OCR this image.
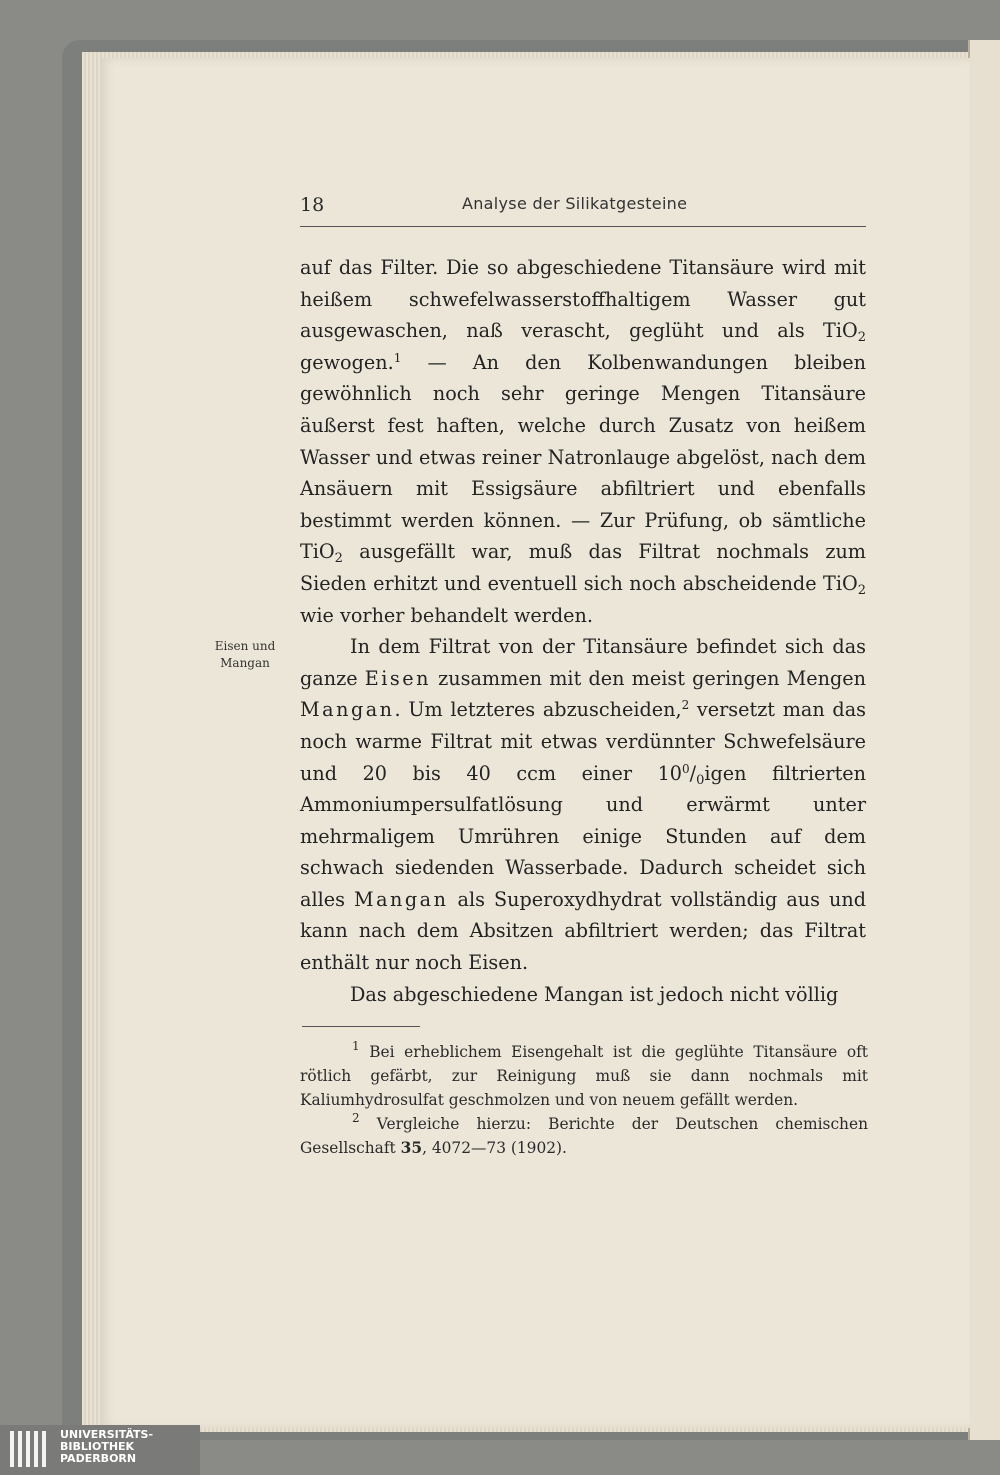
18	Analyse der Silikatgesteine
Eisen und
Mangan

auf das Filter. Die so abgeschiedene Titansäure wird mit heißem schwefelwasserstoffhaltigem Wasser gut ausgewaschen, naß verascht, geglüht und als TiO$_2$ gewogen.$^1$ — An den Kolbenwandungen bleiben gewöhnlich noch sehr geringe Mengen Titansäure äußerst fest haften, welche durch Zusatz von heißem Wasser und etwas reiner Natronlauge abgelöst, nach dem Ansäuern mit Essigsäure abfiltriert und ebenfalls bestimmt werden können. — Zur Prüfung, ob sämtliche TiO$_2$ ausgefällt war, muß das Filtrat nochmals zum Sieden erhitzt und eventuell sich noch abscheidende TiO$_2$ wie vorher behandelt werden.

In dem Filtrat von der Titansäure befindet sich das ganze Eisen zusammen mit den meist geringen Mengen Mangan. Um letzteres abzuscheiden,$^2$ versetzt man das noch warme Filtrat mit etwas verdünnter Schwefelsäure und 20 bis 40 ccm einer $10^0/_0igen$ filtrierten Ammoniumpersulfatlösung und erwärmt unter mehrmaligem Umrühren einige Stunden auf dem schwach siedenden Wasserbade. Dadurch scheidet sich alles Mangan als Superoxydhydrat vollständig aus und kann nach dem Absitzen abfiltriert werden; das Filtrat enthält nur noch Eisen.

Das abgeschiedene Mangan ist jedoch nicht völlig

$^1$ Bei erheblichem Eisengehalt ist die geglühte Titansäure oft rötlich gefärbt, zur Reinigung muß sie dann nochmals mit Kaliumhydrosulfat geschmolzen und von neuem gefällt werden.

$^2$ Vergleiche hierzu: Berichte der Deutschen chemischen Gesellschaft 35, 4072—73 (1902).

UNIVERSITÄTS-
BIBLIOTHEK
PADERBORN
